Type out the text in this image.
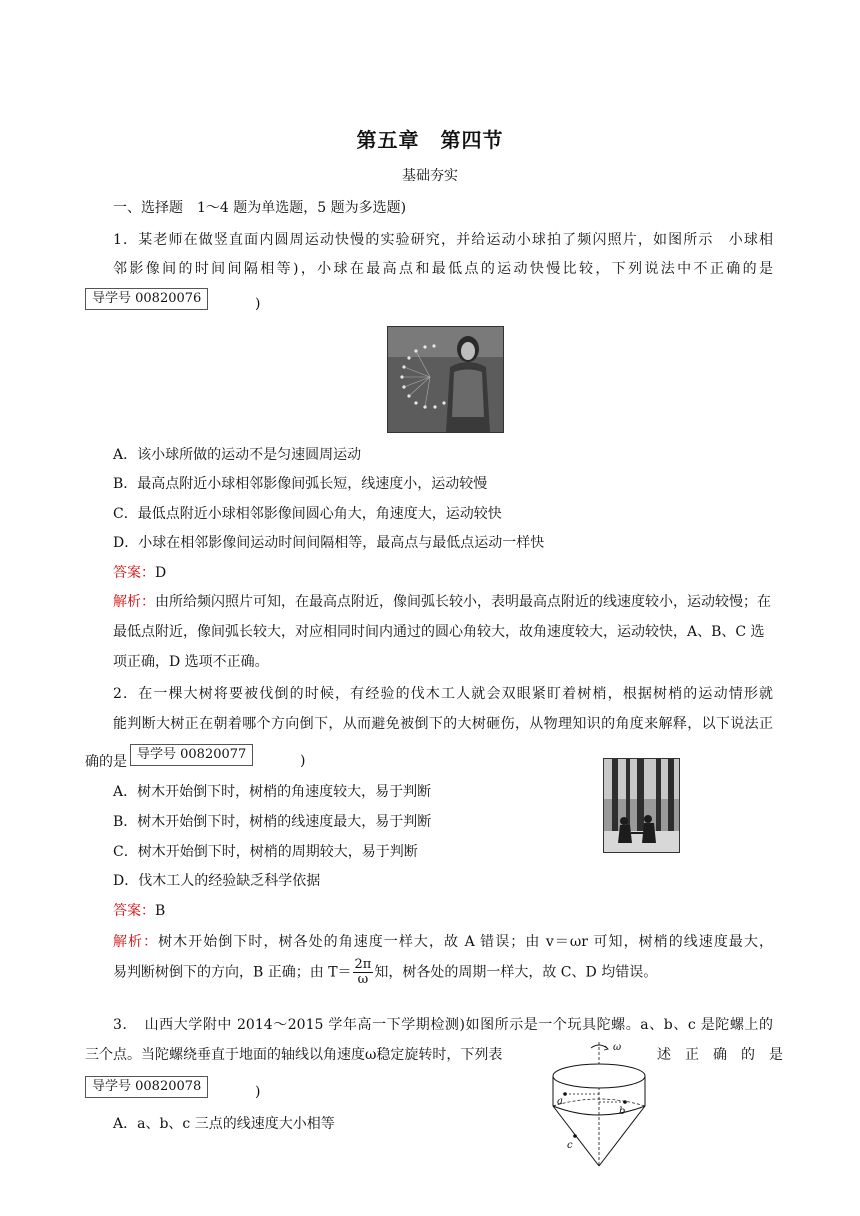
第五章　第四节
基础夯实
一、选择题　1～4 题为单选题，5 题为多选题)
1．某老师在做竖直面内圆周运动快慢的实验研究，并给运动小球拍了频闪照片，如图所示　小球相
邻影像间的时间间隔相等)，小球在最高点和最低点的运动快慢比较，下列说法中不正确的是
导学号 00820076	)
A．该小球所做的运动不是匀速圆周运动
B．最高点附近小球相邻影像间弧长短，线速度小，运动较慢
C．最低点附近小球相邻影像间圆心角大，角速度大，运动较快
D．小球在相邻影像间运动时间间隔相等，最高点与最低点运动一样快
答案：D
解析：由所给频闪照片可知，在最高点附近，像间弧长较小，表明最高点附近的线速度较小，运动较慢；在最低点附近，像间弧长较大，对应相同时间内通过的圆心角较大，故角速度较大，运动较快，A、B、C 选项正确，D 选项不正确。
2．在一棵大树将要被伐倒的时候，有经验的伐木工人就会双眼紧盯着树梢，根据树梢的运动情形就
能判断大树正在朝着哪个方向倒下，从而避免被倒下的大树砸伤，从物理知识的角度来解释，以下说法正
确的是 导学号 00820077	)
A．树木开始倒下时，树梢的角速度较大，易于判断
B．树木开始倒下时，树梢的线速度最大，易于判断
C．树木开始倒下时，树梢的周期较大，易于判断
D．伐木工人的经验缺乏科学依据
答案：B
解析：树木开始倒下时，树各处的角速度一样大，故 A 错误；由 v＝ωr 可知，树梢的线速度最大，
易判断树倒下的方向，B 正确；由 $T= \frac{2\pi}{\omega}$ 知，树各处的周期一样大，故 C、D 均错误。
3．　山西大学附中 2014～2015 学年高一下学期检测)如图所示是一个玩具陀螺。a、b、c 是陀螺上的
三个点。当陀螺绕垂直于地面的轴线以角速度ω稳定旋转时，下列表	述　正　确　的　是
导学号 00820078	)
A．a、b、c 三点的线速度大小相等
ω
a
b
c
